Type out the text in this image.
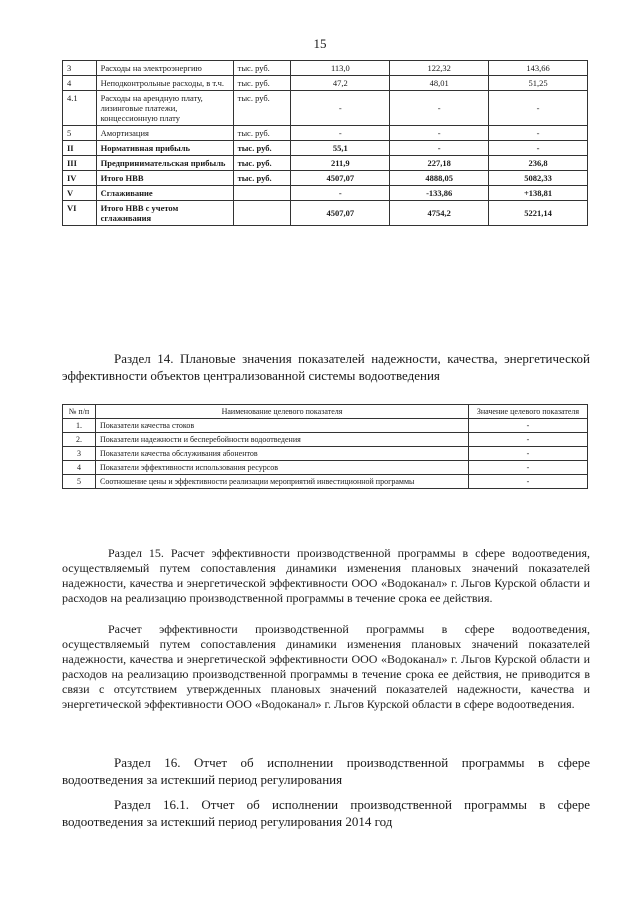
15
3	Расходы на электроэнергию	тыс. руб.	113,0	122,32	143,66
4	Неподконтрольные расходы, в т.ч.	тыс. руб.	47,2	48,01	51,25
4.1	Расходы на арендную плату, лизинговые платежи, концессионную плату	тыс. руб.	-	-	-
5	Амортизация	тыс. руб.	-	-	-
II	Нормативная прибыль	тыс. руб.	55,1	-	-
III	Предпринимательская прибыль	тыс. руб.	211,9	227,18	236,8
IV	Итого НВВ	тыс. руб.	4507,07	4888,05	5082,33
V	Сглаживание		-	-133,86	+138,81
VI	Итого НВВ с учетом сглаживания		4507,07	4754,2	5221,14
Раздел 14. Плановые значения показателей надежности, качества, энергетической эффективности объектов централизованной системы водоотведения
№ п/п	Наименование целевого показателя	Значение целевого показателя
1.	Показатели качества стоков	-
2.	Показатели надежности и бесперебойности водоотведения	-
3	Показатели качества обслуживания абонентов	-
4	Показатели эффективности использования ресурсов	-
5	Соотношение цены и эффективности реализации мероприятий инвестиционной программы	-
Раздел 15. Расчет эффективности производственной программы в сфере водоотведения, осуществляемый путем сопоставления динамики изменения плановых значений показателей надежности, качества и энергетической эффективности ООО «Водоканал» г. Льгов Курской области и расходов на реализацию производственной программы в течение срока ее действия.
Расчет эффективности производственной программы в сфере водоотведения, осуществляемый путем сопоставления динамики изменения плановых значений показателей надежности, качества и энергетической эффективности ООО «Водоканал» г. Льгов Курской области и расходов на реализацию производственной программы в течение срока ее действия, не приводится в связи с отсутствием утвержденных плановых значений показателей надежности, качества и энергетической эффективности ООО «Водоканал» г. Льгов Курской области в сфере водоотведения.
Раздел 16. Отчет об исполнении производственной программы в сфере водоотведения за истекший период регулирования
Раздел 16.1. Отчет об исполнении производственной программы в сфере водоотведения за истекший период регулирования 2014 год
